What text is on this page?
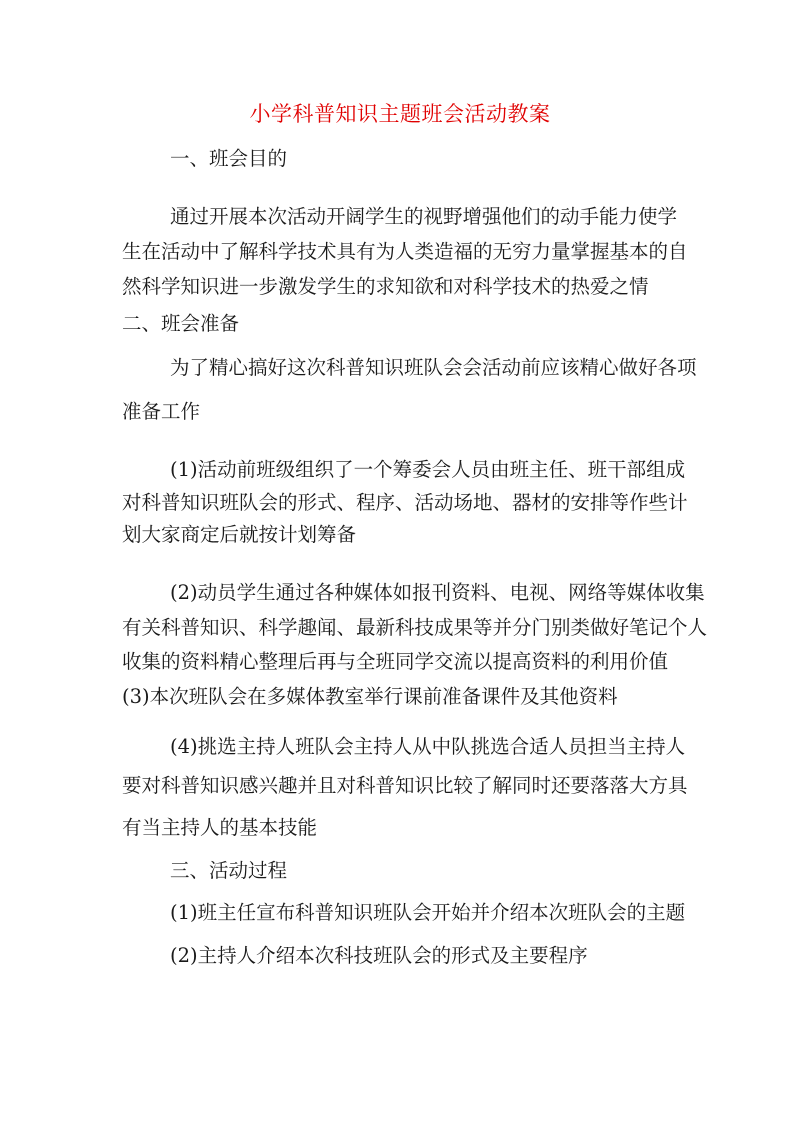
小学科普知识主题班会活动教案
一、班会目的
通过开展本次活动开阔学生的视野增强他们的动手能力使学
生在活动中了解科学技术具有为人类造福的无穷力量掌握基本的自
然科学知识进一步激发学生的求知欲和对科学技术的热爱之情
二、班会准备
为了精心搞好这次科普知识班队会会活动前应该精心做好各项
准备工作
(1)活动前班级组织了一个筹委会人员由班主任、班干部组成
对科普知识班队会的形式、程序、活动场地、器材的安排等作些计
划大家商定后就按计划筹备
(2)动员学生通过各种媒体如报刊资料、电视、网络等媒体收集
有关科普知识、科学趣闻、最新科技成果等并分门别类做好笔记个人
收集的资料精心整理后再与全班同学交流以提高资料的利用价值
(3)本次班队会在多媒体教室举行课前准备课件及其他资料
(4)挑选主持人班队会主持人从中队挑选合适人员担当主持人
要对科普知识感兴趣并且对科普知识比较了解同时还要落落大方具
有当主持人的基本技能
三、活动过程
(1)班主任宣布科普知识班队会开始并介绍本次班队会的主题
(2)主持人介绍本次科技班队会的形式及主要程序
